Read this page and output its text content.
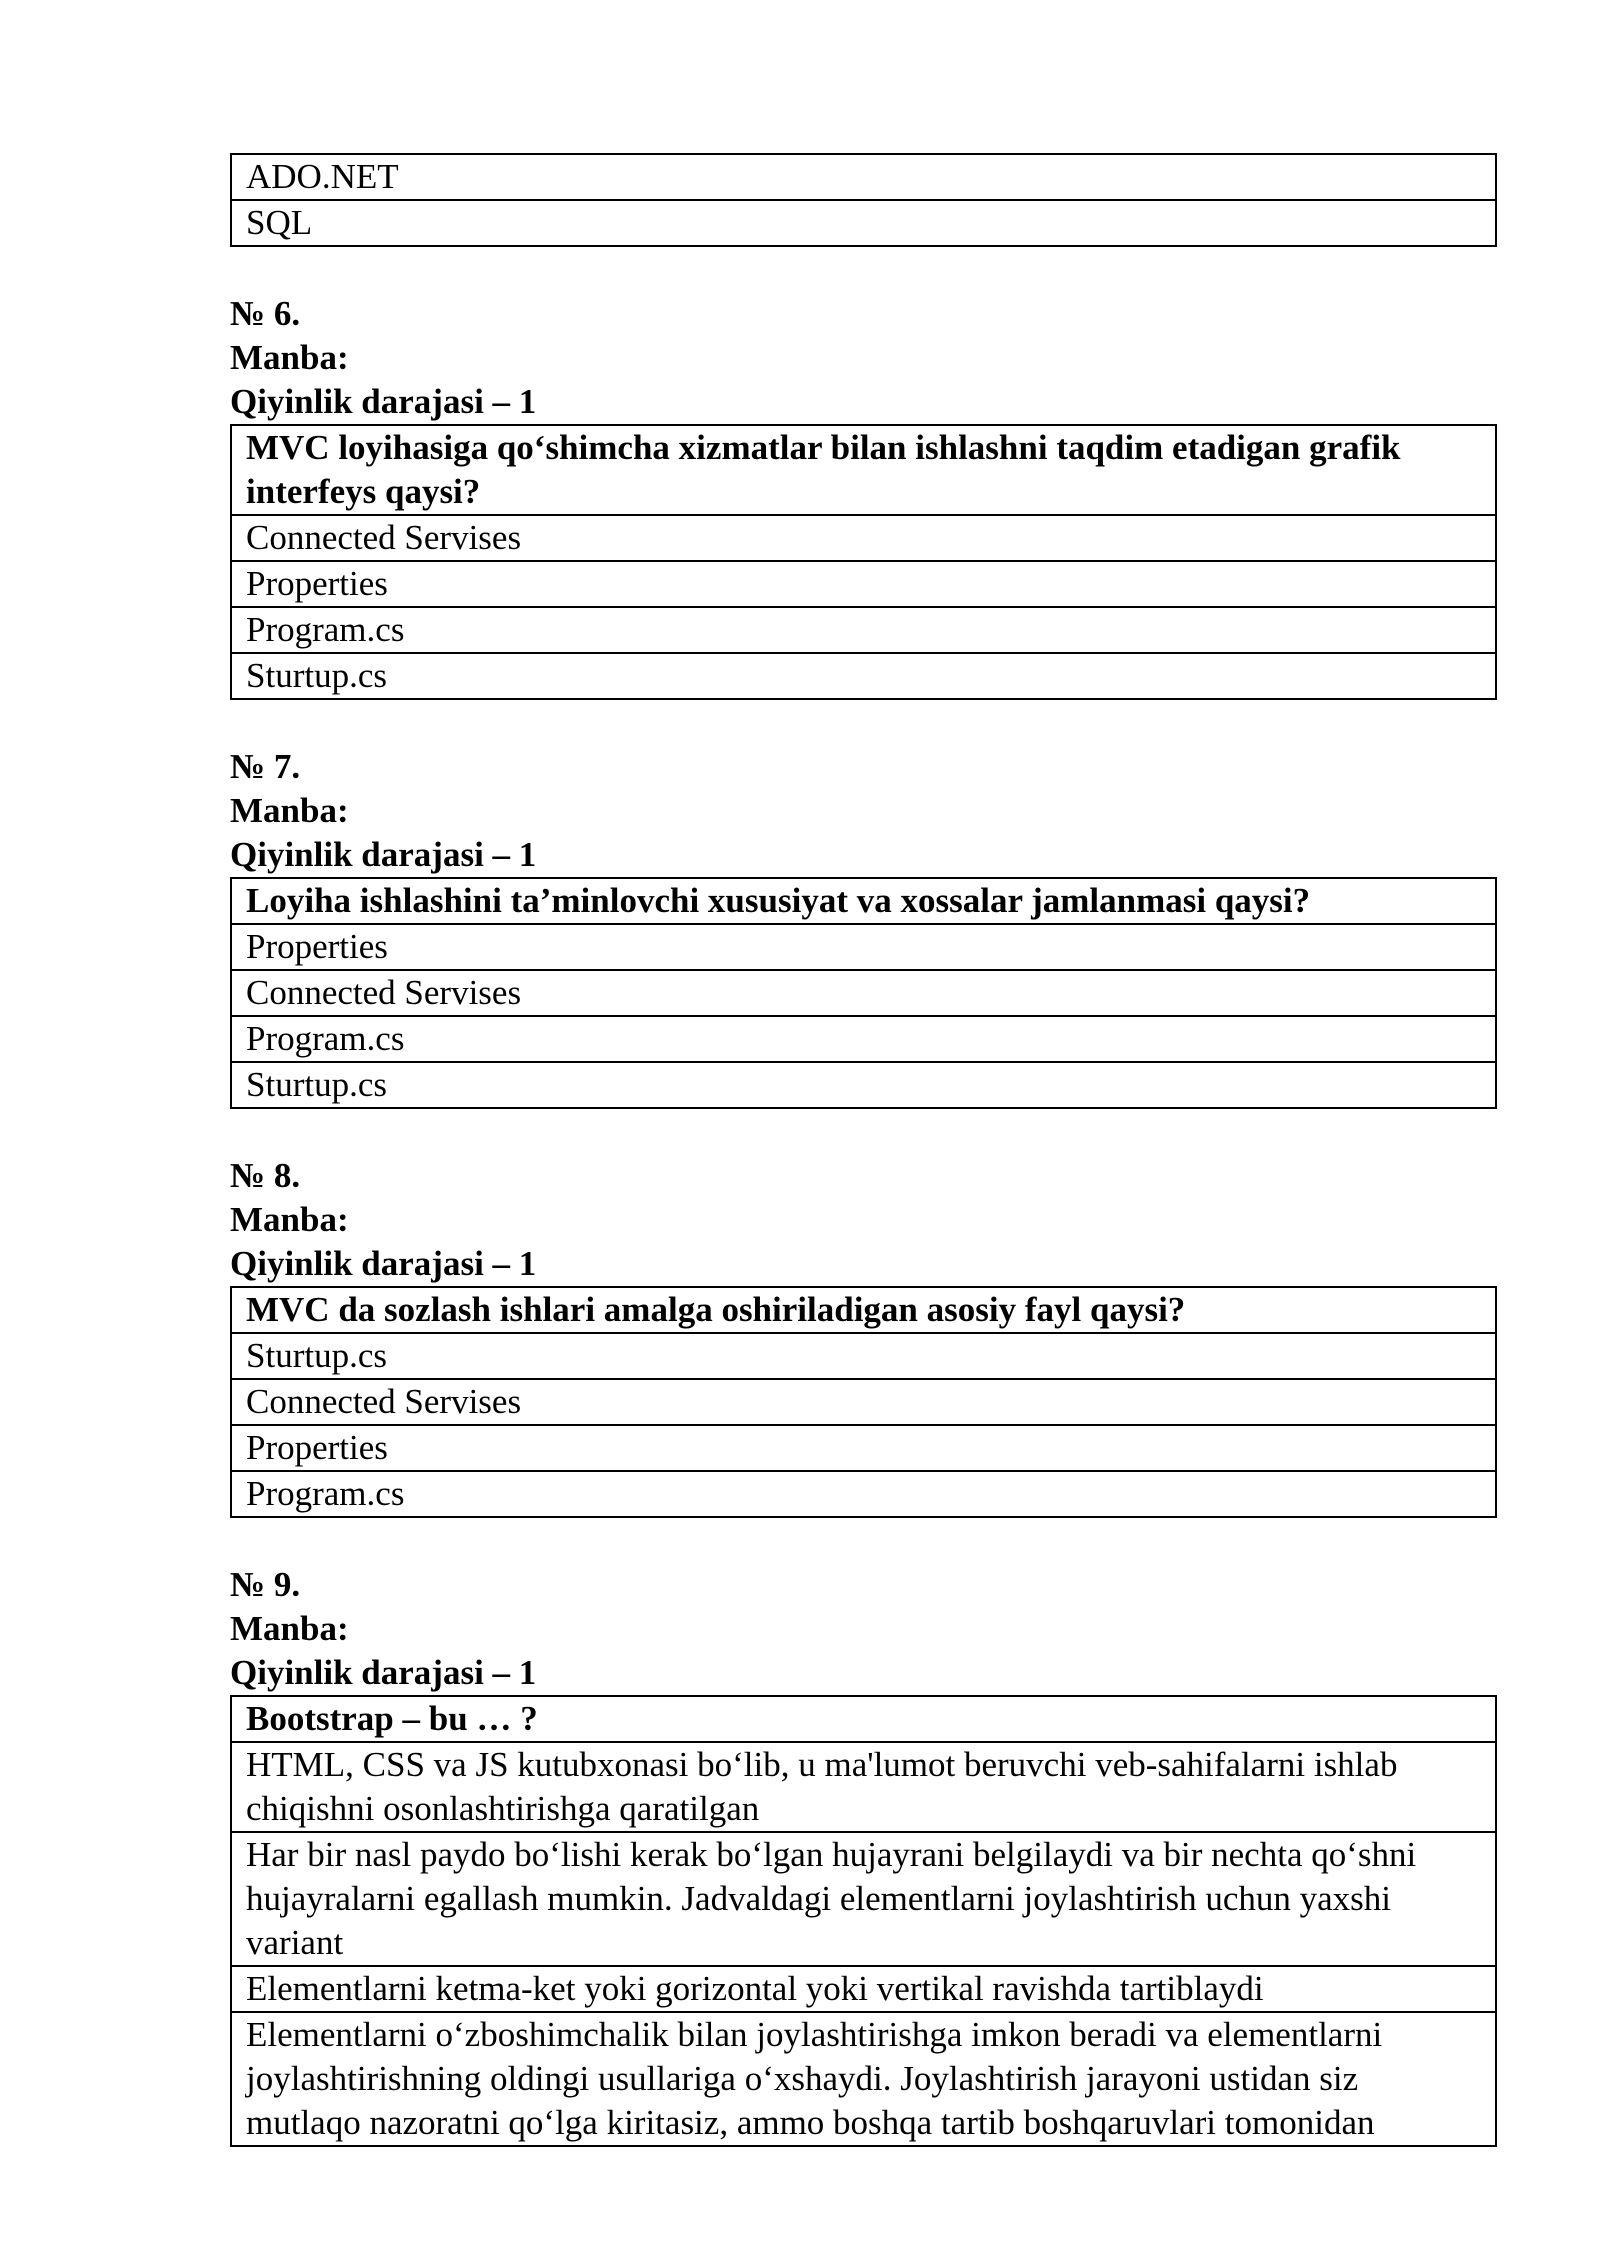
ADO.NET
SQL
№ 6.
Manba:
Qiyinlik darajasi – 1
MVC loyihasiga qo‘shimcha xizmatlar bilan ishlashni taqdim etadigan grafik interfeys qaysi?
Connected Servises
Properties
Program.cs
Sturtup.cs
№ 7.
Manba:
Qiyinlik darajasi – 1
Loyiha ishlashini ta’minlovchi xususiyat va xossalar jamlanmasi qaysi?
Properties
Connected Servises
Program.cs
Sturtup.cs
№ 8.
Manba:
Qiyinlik darajasi – 1
MVC da sozlash ishlari amalga oshiriladigan asosiy fayl qaysi?
Sturtup.cs
Connected Servises
Properties
Program.cs
№ 9.
Manba:
Qiyinlik darajasi – 1
Bootstrap – bu … ?
HTML, CSS va JS kutubxonasi bo‘lib, u ma'lumot beruvchi veb-sahifalarni ishlab chiqishni osonlashtirishga qaratilgan
Har bir nasl paydo bo‘lishi kerak bo‘lgan hujayrani belgilaydi va bir nechta qo‘shni hujayralarni egallash mumkin. Jadvaldagi elementlarni joylashtirish uchun yaxshi variant
Elementlarni ketma-ket yoki gorizontal yoki vertikal ravishda tartiblaydi
Elementlarni o‘zboshimchalik bilan joylashtirishga imkon beradi va elementlarni joylashtirishning oldingi usullariga o‘xshaydi. Joylashtirish jarayoni ustidan siz mutlaqo nazoratni qo‘lga kiritasiz, ammo boshqa tartib boshqaruvlari tomonidan
